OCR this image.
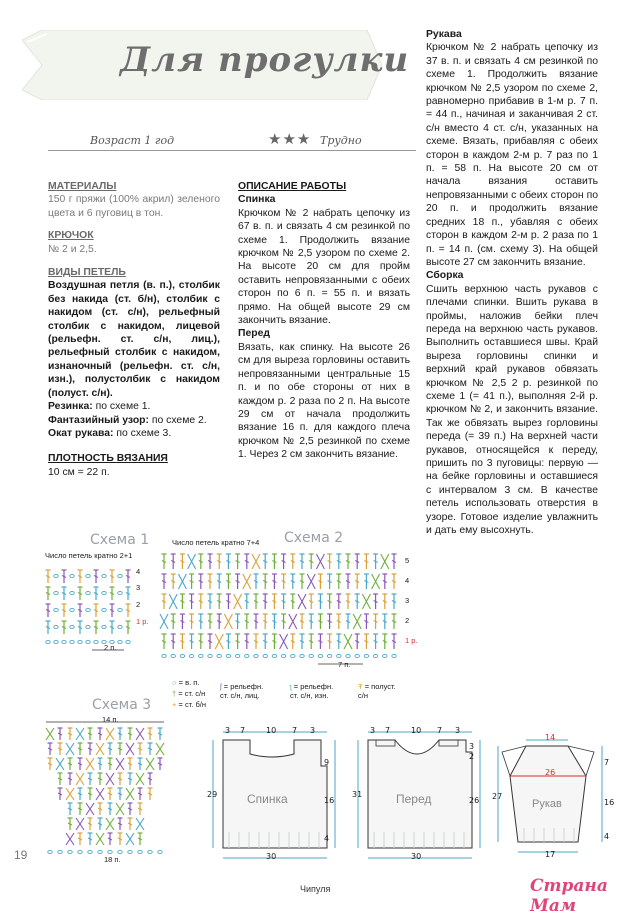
Для прогулки
Возраст 1 год	★★★ Трудно

МАТЕРИАЛЫ

150 г пряжи (100% акрил) зеленого цвета и 6 пуговиц в тон.

КРЮЧОК

№ 2 и 2,5.

ВИДЫ ПЕТЕЛЬ

Воздушная петля (в. п.), столбик без накида (ст. б/н), столбик с накидом (ст. с/н), рельефный столбик с накидом, лицевой (рельефн. ст. с/н, лиц.), рельефный столбик с накидом, изнаночный (рельефн. ст. с/н, изн.), полустолбик с накидом (полуст. с/н).

Резинка: по схеме 1.

Фантазийный узор: по схеме 2.

Окат рукава: по схеме 3.

ПЛОТНОСТЬ ВЯЗАНИЯ

10 см = 22 п.

ОПИСАНИЕ РАБОТЫ

Спинка

Крючком № 2 набрать цепочку из 67 в. п. и связать 4 см резинкой по схеме 1. Продолжить вязание крючком № 2,5 узором по схеме 2. На высоте 20 см для пройм оставить непровязанными с обеих сторон по 6 п. = 55 п. и вязать прямо. На общей высоте 29 см закончить вязание.

Перед

Вязать, как спинку. На высоте 26 см для выреза горловины оставить непровязанными центральные 15 п. и по обе стороны от них в каждом р. 2 раза по 2 п. На высоте 29 см от начала продолжить вязание 16 п. для каждого плеча крючком № 2,5 резинкой по схеме 1. Через 2 см закончить вязание.

Рукава

Крючком № 2 набрать цепочку из 37 в. п. и связать 4 см резинкой по схеме 1. Продолжить вязание крючком № 2,5 узором по схеме 2, равномерно прибавив в 1-м р. 7 п. = 44 п., начиная и заканчивая 2 ст. с/н вместо 4 ст. с/н, указанных на схеме. Вязать, прибавляя с обеих сторон в каждом 2-м р. 7 раз по 1 п. = 58 п. На высоте 20 см от начала вязания оставить непровязанными с обеих сторон по 20 п. и продолжить вязание средних 18 п., убавляя с обеих сторон в каждом 2-м р. 2 раза по 1 п. = 14 п. (см. схему 3). На общей высоте 27 см закончить вязание.

Сборка

Сшить верхнюю часть рукавов с плечами спинки. Вшить рукава в проймы, наложив бейки плеч переда на верхнюю часть рукавов. Выполнить оставшиеся швы. Край выреза горловины спинки и верхний край рукавов обвязать крючком № 2,5 2 р. резинкой по схеме 1 (= 41 п.), выполняя 2-й р. крючком № 2, и закончить вязание. Так же обвязать вырез горловины переда (= 39 п.) На верхней части рукавов, относящейся к переду, пришить по 3 пуговицы: первую — на бейке горловины и оставшиеся с интервалом 3 см. В качестве петель использовать отверстия в узоре. Готовое изделие увлажнить и дать ему высохнуть.

Схема 1
Число петель кратно 2+1
4
3
2
1 р.
2 п.
Число петель кратно 7+4 Схема 2
5
4
3
2
1 р.
7 п.
○ = в. п.
† = ст. с/н
+ = ст. б/н
ʃ = рельефн.
ст. с/н, лиц.
ʅ = рельефн.
ст. с/н, изн.
Ŧ = полуст.
с/н
Схема 3
14 п.
18 п.
3 7	10 7 3
9
16
4
29
30
Спинка
3 7	10 7 3
3
2
26
31
30
Перед
14
26
7
16
4
27
17
Рукав
19
Чипуля	Страна Мам
